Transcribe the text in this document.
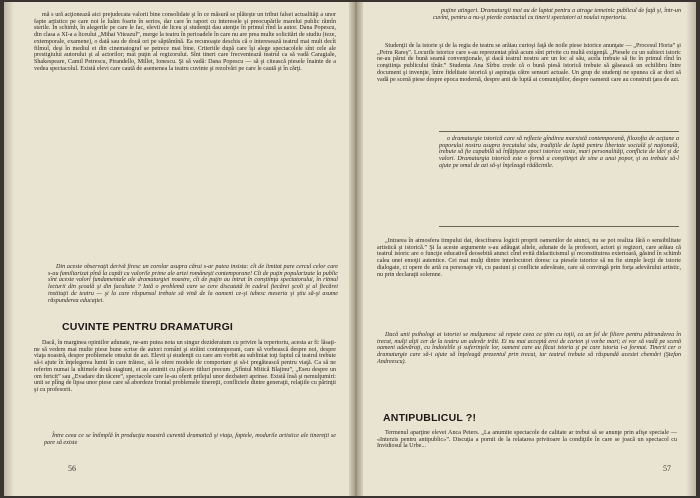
mă s ură acţionează aici prejudecata valorii bine consolidate şi în ce măsură se plăteşte un tribut falsei actualităţi a unor fapte artistice pe care noi le luăm foarte în serios, dar care în raport cu interesele şi preocupările marelui public rămîn sterile. În schimb, în alegerile pe care le fac, elevii de liceu şi studenţii dau atenţie în primul rînd la autor. Dana Popescu, din clasa a XI-a a liceului „Mihai Viteazul”, merge la teatru în perioadele în care nu are prea multe solicitări de studiu (teze, extemporale, examene), o dată sau de două ori pe săptămînă. Ea recunoaşte deschis că o interesează teatrul mai mult decît filmul, deşi în mediul ei din cinematograf se petrece mai bine. Criteriile după care îşi alege spectacolele sînt cele ale prestigiului autorului şi al actorilor; mai puţin al regizorului. Sînt tineri care frecventează teatrul ca să vadă Caragiale, Shakespeare, Camil Petrescu, Pirandello, Millet, Ionescu. Şi să vadă: Dana Popescu — să şi citească piesele înainte de a vedea spectacolul. Există elevi care caută de asemenea la teatru cuvinte şi rezolvări pe care le caută şi în cărţi.

Din aceste observaţii derivă firesc un corolar asupra cărui s-ar putea insista: cît de limitat pare cercul celor care s-au familiarizat pînă la capăt cu valorile prime ale artei româneşti contemporane! Cît de puţin popularizate la public sînt aceste valori fundamentale ale dramaturgiei noastre, cît de puţin au intrat în conştiinţa spectatorului, în ritmul lecturii din şcoală şi din facultate ? Iată o problemă care se cere discutată în cadrul fiecărei şcoli şi al fiecărei instituţii de teatru — şi la care răspunsul trebuie să vină de la oameni ce-şi iubesc meseria şi ştiu să-şi asume răspunderea educaţiei.

CUVINTE PENTRU DRAMATURGI

Dacă, în marginea opiniilor adunate, ne-am putea nota un singur dezideratum cu privire la repertoriu, acesta ar fi: lăsaţi-ne să vedem mai multe piese bune scrise de autori români şi străini contemporani, care să vorbească despre noi, despre viaţa noastră, despre problemele omului de azi. Elevii şi studenţii cu care am vorbit au subliniat toţi faptul că teatrul trebuie să-i ajute în înţelegerea lumii în care trăiesc, să le ofere modele de comportare şi să-i pregătească pentru viaţă. Ca să ne referim numai la ultimele două stagiuni, ei au amintit cu plăcere titluri precum „Sfîntul Mitică Blajinu”, „Eseu despre un om fericit” sau „Evadare din tăcere”, spectacole care le-au oferit prilejul unor dezbateri aprinse. Există însă şi nemulţumiri: unii se plîng de lipsa unor piese care să abordeze frontal problemele tinereţii, conflictele dintre generaţii, relaţiile cu părinţii şi cu profesorii.

Între ceea ce se întîmplă în producţia noastră curentă dramatică şi viaţa, faptele, modurile artistice ale tinereţii se pare să existe

56

puţine atingeri. Dramaturgii mai au de luptat pentru a atrage temeinic publicul de faţă şi, într-un cuvînt, pentru a nu-şi pierde contactul cu tinerii spectatori ai noului repertoriu.

Studenţii de la istorie şi de la regia de teatru se arătau curioşi faţă de noile piese istorice anunţate — „Procesul Horia” şi „Petru Rareş”. Locurile istorice care s-au reprezentat pînă acum sînt privite cu multă exigenţă. „Piesele cu un subiect istoric ne-au părut de bună seamă convenţionale, şi dacă teatrul nostru are un loc al său, acela trebuie să fie în primul rînd în conştiinţa publicului tînăr.” Studenta Ana Sîrbu crede că o bună piesă istorică trebuie să găsească un echilibru între document şi invenţie, între fidelitate istorică şi aspiraţia către sensuri actuale. Un grup de studenţi ne spunea că ar dori să vadă pe scenă piese despre epoca modernă, despre anii de luptă ai comuniştilor, despre oamenii care au construit ţara de azi.

o dramaturgie istorică care să reflecte gîndirea marxistă contemporană, filozofia de acţiune a poporului nostru asupra trecutului său, tradiţiile de luptă pentru libertate socială şi naţională, trebuie să fie capabilă să înfăţişeze epoci istorice vaste, mari personalităţi, conflicte de idei şi de valori. Dramaturgia istorică este o formă a conştiinţei de sine a unui popor, şi ea trebuie să-l ajute pe omul de azi să-şi înţeleagă rădăcinile.

„Intrarea în atmosfera timpului dat, descifrarea logicii proprii oamenilor de atunci, nu se pot realiza fără o sensibilitate artistică şi istorică.” Şi la aceste argumente s-au adăugat altele, adunate de la profesori, actori şi regizori, care arătau că teatrul istoric are o funcţie educativă deosebită atunci cînd evită didacticismul şi reconstituirea exterioară, găsind în schimb calea unei emoţii autentice. Cei mai mulţi dintre interlocutori doresc ca piesele istorice să nu fie simple lecţii de istorie dialogate, ci opere de artă cu personaje vii, cu pasiuni şi conflicte adevărate, care să convingă prin forţa adevărului artistic, nu prin declaraţii solemne.

Dacă unii psihologi ai istoriei se mulţumesc să repete ceea ce ştim cu toţii, ca un fel de filiere pentru pătrunderea în trecut, mulţi alţii cer de la teatru un adevăr trăit. Ei nu mai acceptă eroi de carton şi vorbe mari; ei vor să vadă pe scenă oameni adevăraţi, cu îndoielile şi suferinţele lor, oameni care au făcut istoria şi pe care istoria i-a format. Tinerii cer o dramaturgie care să-i ajute să înţeleagă prezentul prin trecut, iar teatrul trebuie să răspundă acestei chemări (Ştefan Andreescu).

ANTIPUBLICUL ?!

Termenul aparţine elevei Anca Peters. „La anumite spectacole de calitate ar trebui să se anunţe prin afişe speciale — «Interzis pentru antipublic»”. Discuţia a pornit de la relatarea privitoare la condiţiile în care se joacă un spectacol cu Invidiosul la Urbe...

57
